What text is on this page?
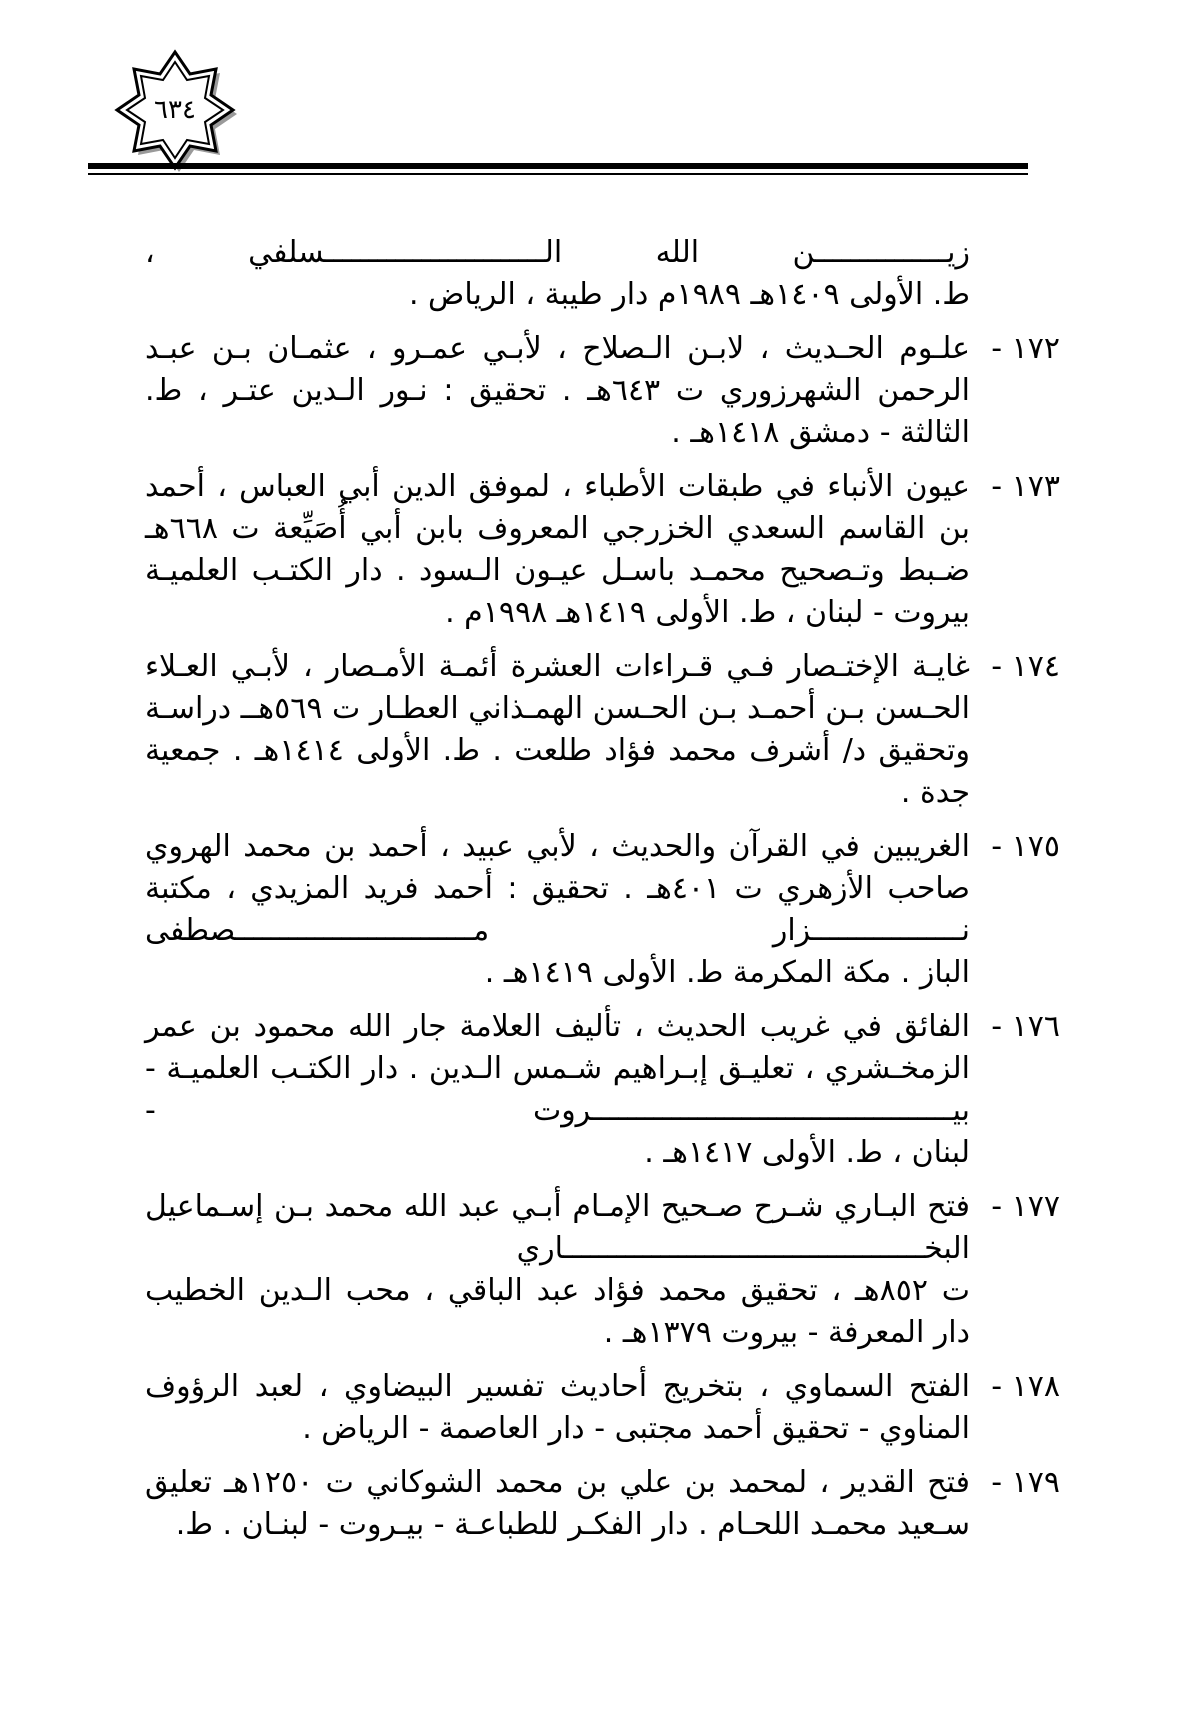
٦٣٤
زيـــــــــــــــن الله الـــــــــــــــــــــــــسلفي ،
ط. الأولى ١٤٠٩هـ ١٩٨٩م دار طيبة ، الرياض .
١٧٢ -
علـوم الحـديث ، لابـن الـصلاح ، لأبـي عمـرو ، عثمـان بـن عبـد
الرحمن الشهرزوري ت ٦٤٣هـ . تحقيق : نـور الـدين عتـر ، ط.
الثالثة - دمشق ١٤١٨هـ .
١٧٣ -
عيون الأنباء في طبقات الأطباء ، لموفق الدين أبي العباس ، أحمد
بن القاسم السعدي الخزرجي المعروف بابن أبي أُصَيِّعة ت ٦٦٨هـ
ضـبط وتـصحيح محمـد باسـل عيـون الـسود . دار الكتـب العلميـة
بيروت - لبنان ، ط. الأولى ١٤١٩هـ ١٩٩٨م .
١٧٤ -
غايـة الإختـصار فـي قـراءات العشرة أئمـة الأمـصار ، لأبـي العـلاء
الحـسن بـن أحمـد بـن الحـسن الهمـذاني العطـار ت ٥٦٩هــ دراسـة
وتحقيق د/ أشرف محمد فؤاد طلعت . ط. الأولى ١٤١٤هـ . جمعية
جدة .
١٧٥ -
الغريبين في القرآن والحديث ، لأبي عبيد ، أحمد بن محمد الهروي
صاحب الأزهري ت ٤٠١هـ . تحقيق : أحمد فريد المزيدي ، مكتبة
نـــــــــــــــــزار مـــــــــــــــــــــــــــصطفى
الباز . مكة المكرمة ط. الأولى ١٤١٩هـ .
١٧٦ -
الفائق في غريب الحديث ، تأليف العلامة جار الله محمود بن عمر
الزمخـشري ، تعليـق إبـراهيم شـمس الـدين . دار الكتـب العلميـة -
بيـــــــــــــــــــــــــــــــــــــــــروت -
لبنان ، ط. الأولى ١٤١٧هـ .
١٧٧ -
فتح البـاري شـرح صـحيح الإمـام أبـي عبد الله محمد بـن إسـماعيل
البخـــــــــــــــــــــــــــــــــــــــــاري
ت ٨٥٢هـ ، تحقيق محمد فؤاد عبد الباقي ، محب الـدين الخطيب
دار المعرفة - بيروت ١٣٧٩هـ .
١٧٨ -
الفتح السماوي ، بتخريج أحاديث تفسير البيضاوي ، لعبد الرؤوف
المناوي - تحقيق أحمد مجتبى - دار العاصمة - الرياض .
١٧٩ -
فتح القدير ، لمحمد بن علي بن محمد الشوكاني ت ١٢٥٠هـ تعليق
سـعيد محمـد اللحـام . دار الفكـر للطباعـة - بيـروت - لبنـان . ط.
